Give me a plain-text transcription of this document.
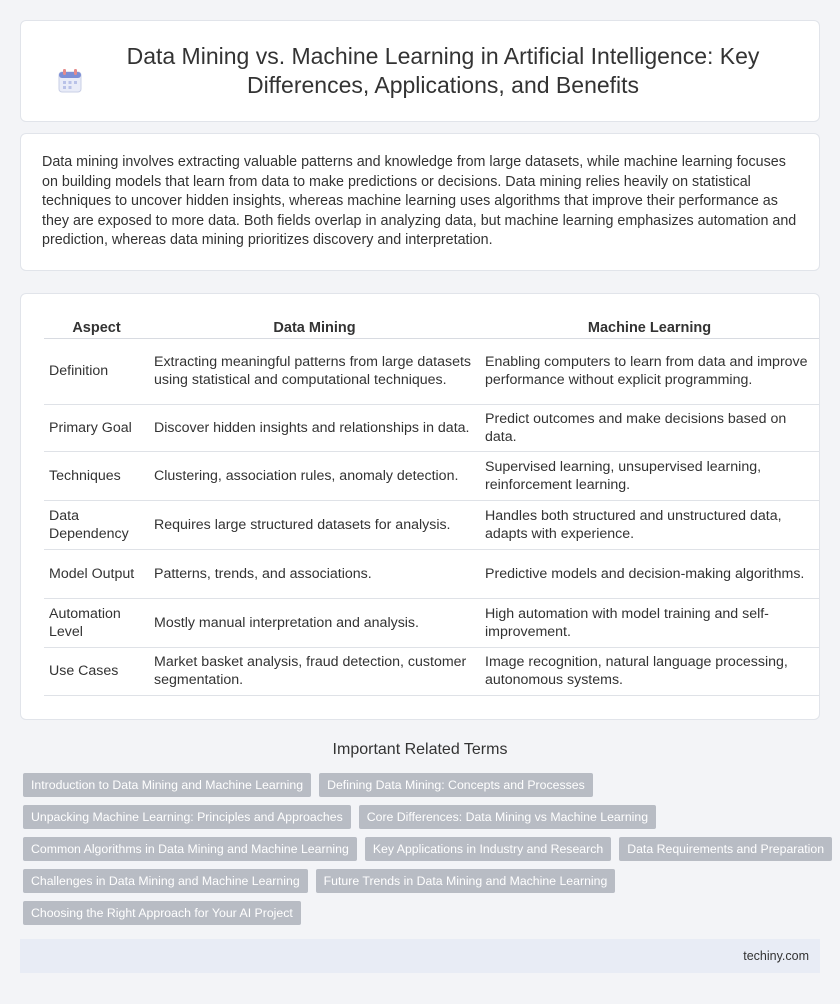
Data Mining vs. Machine Learning in Artificial Intelligence: Key Differences, Applications, and Benefits

Data mining involves extracting valuable patterns and knowledge from large datasets, while machine learning focuses on building models that learn from data to make predictions or decisions. Data mining relies heavily on statistical techniques to uncover hidden insights, whereas machine learning uses algorithms that improve their performance as they are exposed to more data. Both fields overlap in analyzing data, but machine learning emphasizes automation and prediction, whereas data mining prioritizes discovery and interpretation.

Aspect	Data Mining	Machine Learning
Definition	Extracting meaningful patterns from large datasets using statistical and computational techniques.	Enabling computers to learn from data and improve performance without explicit programming.
Primary Goal	Discover hidden insights and relationships in data.	Predict outcomes and make decisions based on data.
Techniques	Clustering, association rules, anomaly detection.	Supervised learning, unsupervised learning, reinforcement learning.
Data Dependency	Requires large structured datasets for analysis.	Handles both structured and unstructured data, adapts with experience.
Model Output	Patterns, trends, and associations.	Predictive models and decision-making algorithms.
Automation Level	Mostly manual interpretation and analysis.	High automation with model training and self-improvement.
Use Cases	Market basket analysis, fraud detection, customer segmentation.	Image recognition, natural language processing, autonomous systems.
Important Related Terms
Introduction to Data Mining and Machine Learning	Defining Data Mining: Concepts and Processes
Unpacking Machine Learning: Principles and Approaches	Core Differences: Data Mining vs Machine Learning
Common Algorithms in Data Mining and Machine Learning	Key Applications in Industry and Research	Data Requirements and Preparation
Challenges in Data Mining and Machine Learning	Future Trends in Data Mining and Machine Learning
Choosing the Right Approach for Your AI Project
techiny.com
